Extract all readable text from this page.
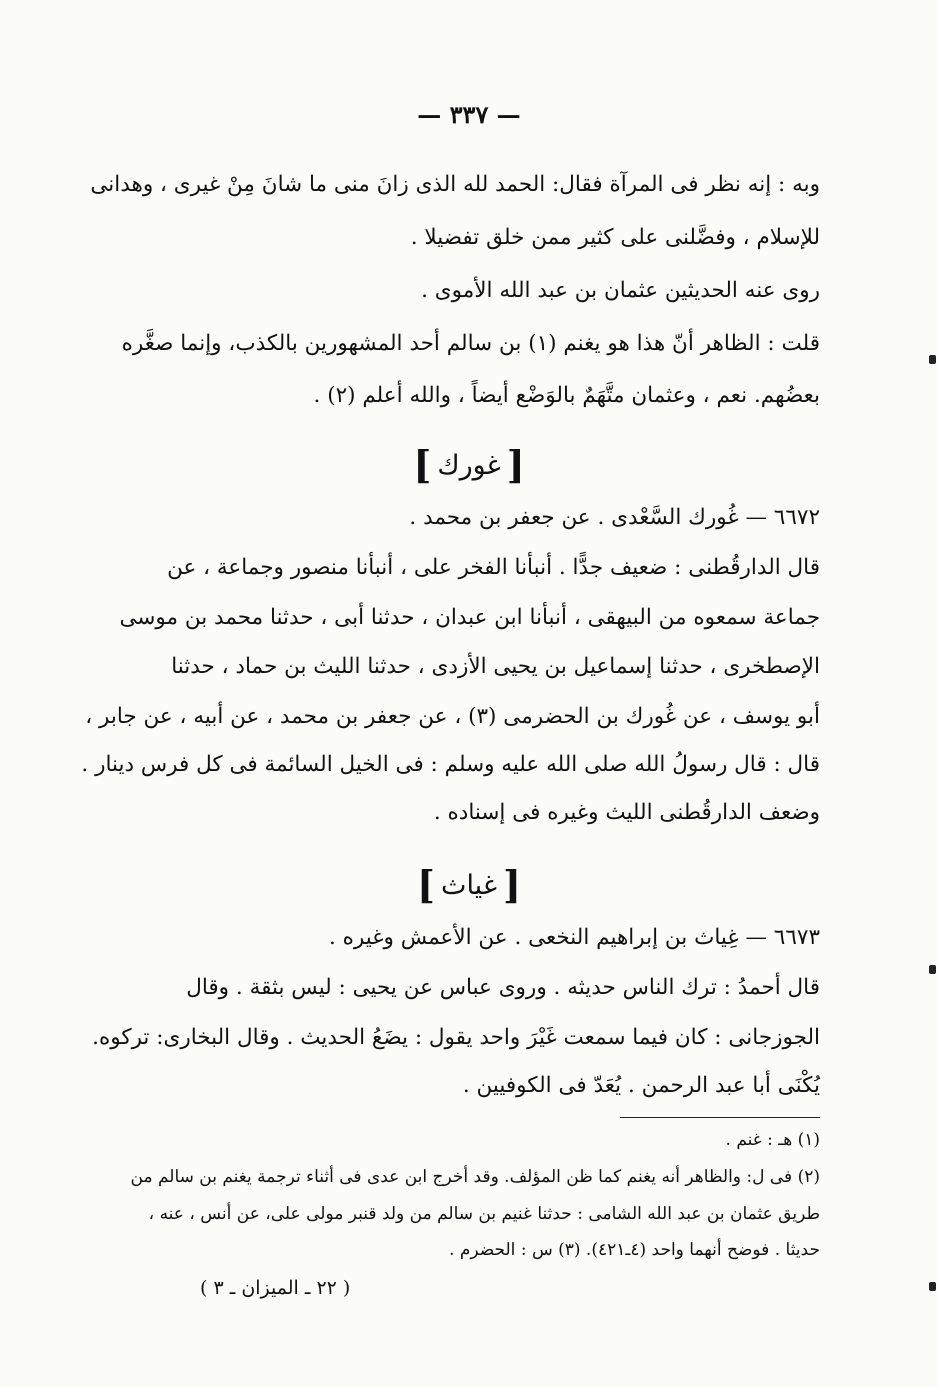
— ٣٣٧ —

وبه : إنه نظر فى المرآة فقال: الحمد لله الذى زانَ منى ما شانَ مِنْ غيرى ، وهدانى

للإسلام ، وفضَّلنى على كثير ممن خلق تفضيلا .

روى عنه الحديثين عثمان بن عبد الله الأموى .

قلت : الظاهر أنّ هذا هو يغنم (١) بن سالم أحد المشهورين بالكذب، وإنما صغَّره

بعضُهم. نعم ، وعثمان متَّهَمٌ بالوَضْع أيضاً ، والله أعلم (٢) .

[غورك]

٦٦٧٢ — غُورك السَّعْدى . عن جعفر بن محمد .

قال الدارقُطنى : ضعيف جدًّا . أنبأنا الفخر على ، أنبأنا منصور وجماعة ، عن

جماعة سمعوه من البيهقى ، أنبأنا ابن عبدان ، حدثنا أبى ، حدثنا محمد بن موسى

الإصطخرى ، حدثنا إسماعيل بن يحيى الأزدى ، حدثنا الليث بن حماد ، حدثنا

أبو يوسف ، عن غُورك بن الحضرمى (٣) ، عن جعفر بن محمد ، عن أبيه ، عن جابر ،

قال : قال رسولُ الله صلى الله عليه وسلم : فى الخيل السائمة فى كل فرس دينار .

وضعف الدارقُطنى الليث وغيره فى إسناده .

[غياث]

٦٦٧٣ — غِياث بن إبراهيم النخعى . عن الأعمش وغيره .

قال أحمدُ : ترك الناس حديثه . وروى عباس عن يحيى : ليس بثقة . وقال

الجوزجانى : كان فيما سمعت غَيْرَ واحد يقول : يضَعُ الحديث . وقال البخارى: تركوه.

يُكْنَى أبا عبد الرحمن . يُعَدّ فى الكوفيين .

(١) هـ : غنم .

(٢) فى ل: والظاهر أنه يغنم كما ظن المؤلف. وقد أخرج ابن عدى فى أثناء ترجمة يغنم بن سالم من

طريق عثمان بن عبد الله الشامى : حدثنا غنيم بن سالم من ولد قنبر مولى على، عن أنس ، عنه ،

حديثا . فوضح أنهما واحد (٤ـ٤٢١). (٣) س : الحضرم .

( ٢٢ ـ الميزان ـ ٣ )
